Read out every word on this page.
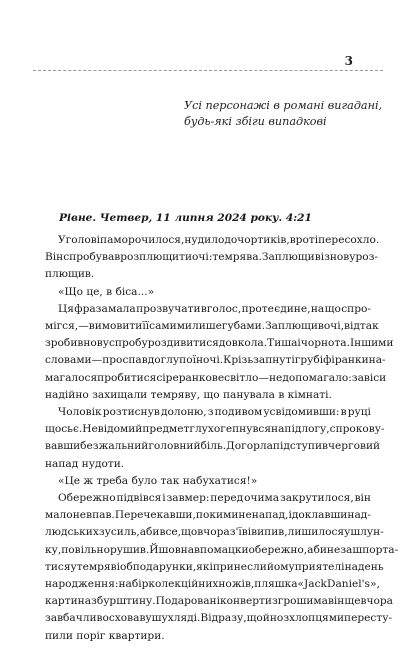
3
Усі персонажі в романі вигадані,
будь-які збіги випадкові
Рівне. Четвер, 11 липня 2024 року. 4:21
У голові паморочилося, нудило до чортиків, в роті пересохло.
Він спробував розплющити очі: темрява. Заплющив і знову роз-
плющив.
«Що це, в біса...»
Ця фраза мала прозвучати вголос, проте єдине, на що спро-
мігся, — вимовити її самими лише губами. Заплющив очі, відтак
зробив нову спробу роздивитися довкола. Тиша і чорнота. Іншими
словами — проспав до глупої ночі. Крізь запнуті грубі фіранки на-
магалося пробитися сіре ранкове світло — не допомагало: завіси
надійно захищали темряву, що панувала в кімнаті.
Чоловік розтиснув долоню, з подивом усвідомивши: в руці
щось є. Невідомий предмет глухо гепнувся на підлогу, спрокову-
вавши безжальний головний біль. До горла підступив черговий
напад нудоти.
«Це ж треба було так набухатися!»
Обережно підвівся і завмер: перед очима закрутилося, він
мало не впав. Перечекавши, поки мине напад, і доклавши над-
людських зусиль, аби все, що вчора з'їв і випив, лишилося у шлун-
ку, повільно рушив. Йшов навпомацки обережно, аби не зашпорта-
тися у темряві об подарунки, які принесли йому приятелі на день
народження: набір колекційних ножів, пляшка «Jack Daniel's»,
картина з бурштину. Подаровані конверти з грошима він ще вчора
завбачливо сховав у шухляді. Відразу, щойно з хлопцями пересту-
пили поріг квартири.
